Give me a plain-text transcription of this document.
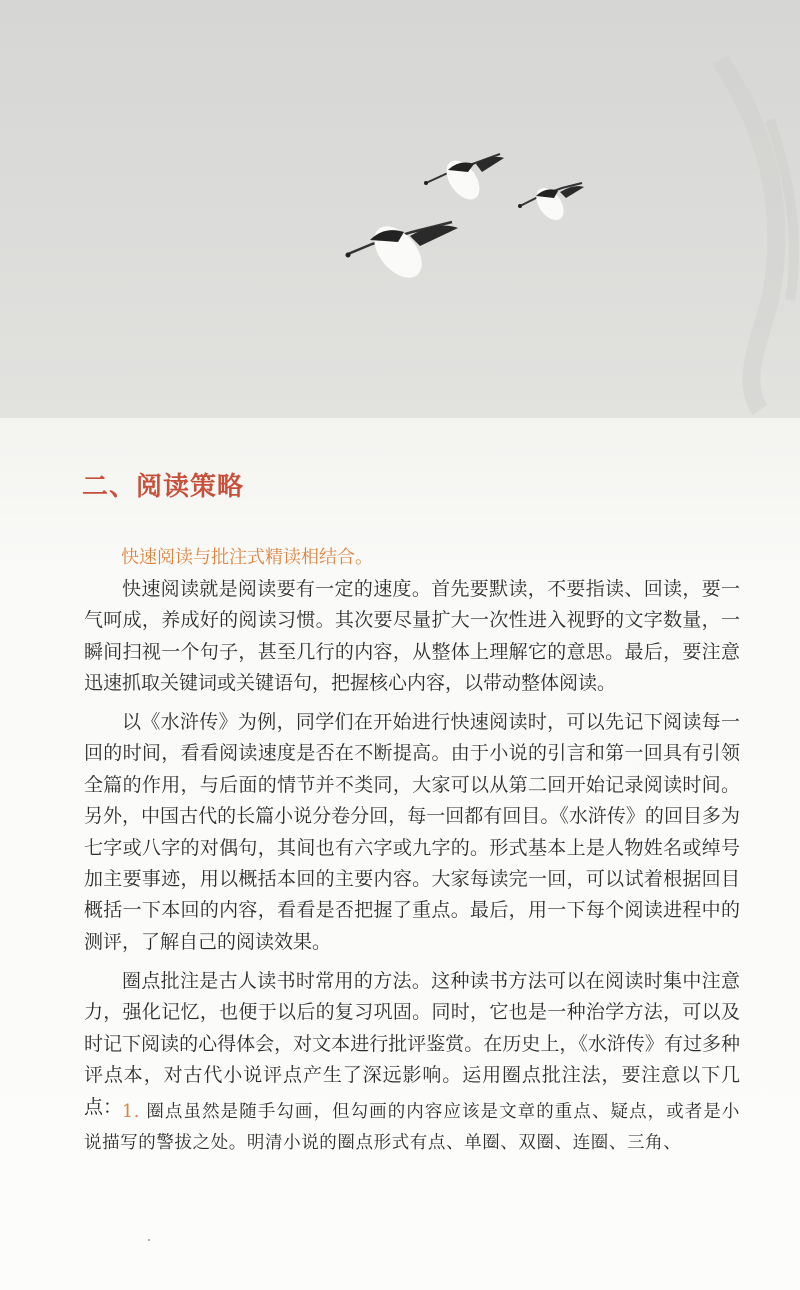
二、阅读策略
快速阅读与批注式精读相结合。

快速阅读就是阅读要有一定的速度。首先要默读，不要指读、回读，要一气呵成，养成好的阅读习惯。其次要尽量扩大一次性进入视野的文字数量，一瞬间扫视一个句子，甚至几行的内容，从整体上理解它的意思。最后，要注意迅速抓取关键词或关键语句，把握核心内容，以带动整体阅读。

以《水浒传》为例，同学们在开始进行快速阅读时，可以先记下阅读每一回的时间，看看阅读速度是否在不断提高。由于小说的引言和第一回具有引领全篇的作用，与后面的情节并不类同，大家可以从第二回开始记录阅读时间。另外，中国古代的长篇小说分卷分回，每一回都有回目。《水浒传》的回目多为七字或八字的对偶句，其间也有六字或九字的。形式基本上是人物姓名或绰号加主要事迹，用以概括本回的主要内容。大家每读完一回，可以试着根据回目概括一下本回的内容，看看是否把握了重点。最后，用一下每个阅读进程中的测评，了解自己的阅读效果。

圈点批注是古人读书时常用的方法。这种读书方法可以在阅读时集中注意力，强化记忆，也便于以后的复习巩固。同时，它也是一种治学方法，可以及时记下阅读的心得体会，对文本进行批评鉴赏。在历史上，《水浒传》有过多种评点本，对古代小说评点产生了深远影响。运用圈点批注法，要注意以下几点： 1. 圈点虽然是随手勾画，但勾画的内容应该是文章的重点、疑点，或者是小说描写的警拔之处。明清小说的圈点形式有点、单圈、双圈、连圈、三角、
